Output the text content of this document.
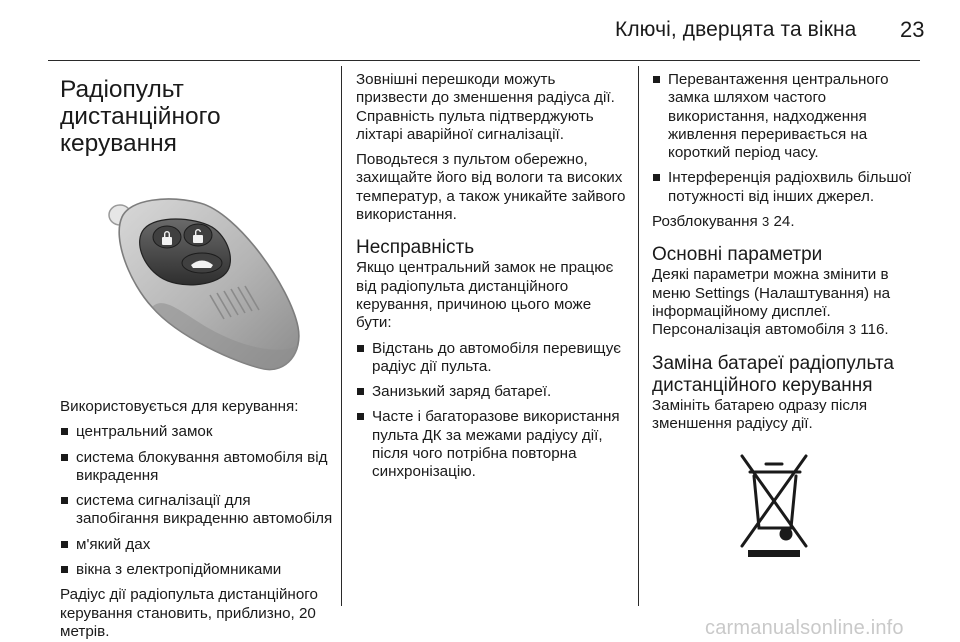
Ключі, дверцята та вікна 23
Радіопульт
дистанційного керування

Використовується для керування:

центральний замок
система блокування автомобіля від викрадення
система сигналізації для запобігання викраденню автомобіля
м'який дах
вікна з електропідйомниками

Радіус дії радіопульта дистанційного керування становить, приблизно, 20 метрів.

Зовнішні перешкоди можуть призвести до зменшення радіуса дії. Справність пульта підтверджують ліхтарі аварійної сигналізації.

Поводьтеся з пультом обережно, захищайте його від вологи та високих температур, а також уникайте зайвого використання.

Несправність

Якщо центральний замок не працює від радіопульта дистанційного керування, причиною цього може бути:

Відстань до автомобіля перевищує радіус дії пульта.
Занизький заряд батареї.
Часте і багаторазове використання пульта ДК за межами радіусу дії, після чого потрібна повторна синхронізацію.
Перевантаження центрального замка шляхом частого використання, надходження живлення переривається на короткий період часу.
Інтерференція радіохвиль більшої потужності від інших джерел.

Розблокування 3 24.

Основні параметри

Деякі параметри можна змінити в меню Settings (Налаштування) на інформаційному дисплеї. Персоналізація автомобіля 3 116.

Заміна батареї радіопульта
дистанційного керування

Замініть батарею одразу після зменшення радіусу дії.

carmanualsonline.info
